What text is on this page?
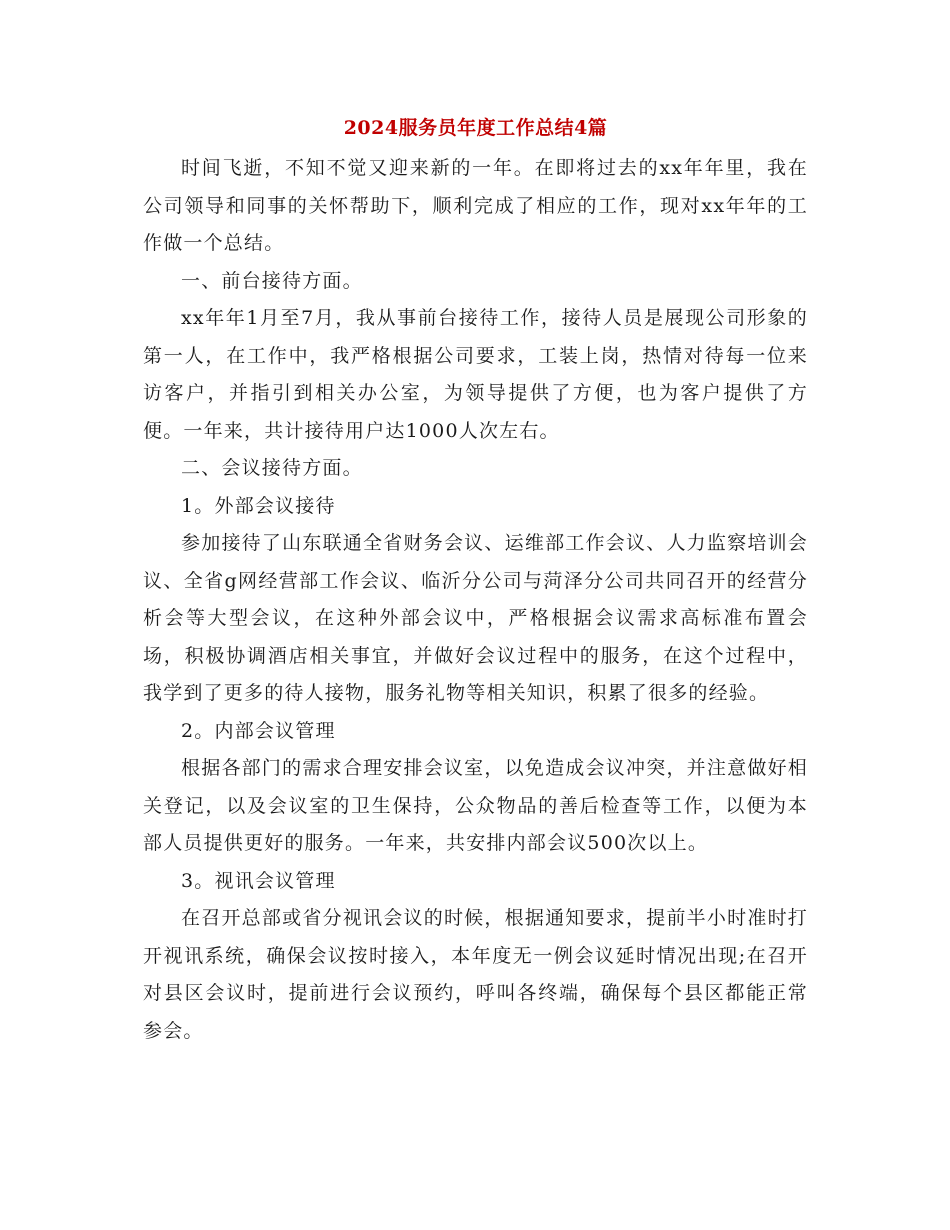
2024服务员年度工作总结4篇

时间飞逝，不知不觉又迎来新的一年。在即将过去的xx年年里，我在公司领导和同事的关怀帮助下，顺利完成了相应的工作，现对xx年年的工作做一个总结。

一、前台接待方面。

xx年年1月至7月，我从事前台接待工作，接待人员是展现公司形象的第一人，在工作中，我严格根据公司要求，工装上岗，热情对待每一位来访客户，并指引到相关办公室，为领导提供了方便，也为客户提供了方便。一年来，共计接待用户达1000人次左右。

二、会议接待方面。

1。外部会议接待

参加接待了山东联通全省财务会议、运维部工作会议、人力监察培训会议、全省g网经营部工作会议、临沂分公司与菏泽分公司共同召开的经营分析会等大型会议，在这种外部会议中，严格根据会议需求高标准布置会场，积极协调酒店相关事宜，并做好会议过程中的服务，在这个过程中，我学到了更多的待人接物，服务礼物等相关知识，积累了很多的经验。

2。内部会议管理

根据各部门的需求合理安排会议室，以免造成会议冲突，并注意做好相关登记，以及会议室的卫生保持，公众物品的善后检查等工作，以便为本部人员提供更好的服务。一年来，共安排内部会议500次以上。

3。视讯会议管理

在召开总部或省分视讯会议的时候，根据通知要求，提前半小时准时打开视讯系统，确保会议按时接入，本年度无一例会议延时情况出现;在召开对县区会议时，提前进行会议预约，呼叫各终端，确保每个县区都能正常参会。
